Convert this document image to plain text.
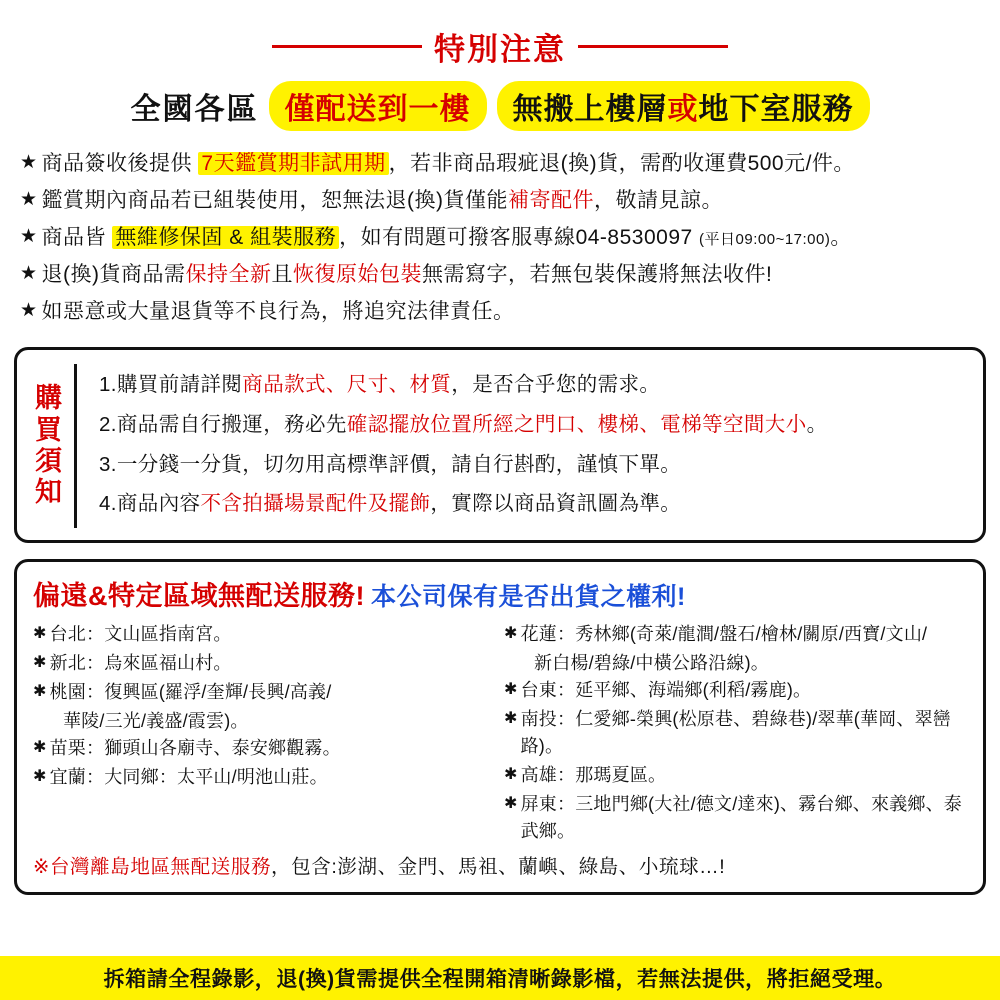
特別注意
全國各區 僅配送到一樓	無搬上樓層或地下室服務
★ 商品簽收後提供 7天鑑賞期非試用期 ，若非商品瑕疵退(換)貨，需酌收運費500元/件。
★ 鑑賞期內商品若已組裝使用，恕無法退(換)貨僅能補寄配件，敬請見諒。
★ 商品皆 無維修保固 & 組裝服務 ，如有問題可撥客服專線04-8530097 (平日09:00~17:00)。
★ 退(換)貨商品需保持全新且恢復原始包裝無需寫字，若無包裝保護將無法收件!
★ 如惡意或大量退貨等不良行為，將追究法律責任。
購
買
須
知
1.購買前請詳閱商品款式、尺寸、材質，是否合乎您的需求。
2.商品需自行搬運，務必先確認擺放位置所經之門口、樓梯、電梯等空間大小。
3.一分錢一分貨，切勿用高標準評價，請自行斟酌，謹慎下單。
4.商品內容不含拍攝場景配件及擺飾，實際以商品資訊圖為準。
偏遠&特定區域無配送服務! 本公司保有是否出貨之權利!
✱ 台北：文山區指南宮。
✱ 新北：烏來區福山村。
✱ 桃園：復興區(羅浮/奎輝/長興/高義/
華陵/三光/義盛/霞雲)。
✱ 苗栗：獅頭山各廟寺、泰安鄉觀霧。
✱ 宜蘭：大同鄉：太平山/明池山莊。
✱ 花蓮：秀林鄉(奇萊/龍澗/盤石/檜林/關原/西寶/文山/
新白楊/碧綠/中橫公路沿線)。
✱ 台東：延平鄉、海端鄉(利稻/霧鹿)。
✱ 南投：仁愛鄉-榮興(松原巷、碧綠巷)/翠華(華岡、翠巒路)。
✱ 高雄：那瑪夏區。
✱ 屏東：三地門鄉(大社/德文/達來)、霧台鄉、來義鄉、泰武鄉。
※台灣離島地區無配送服務，包含:澎湖、金門、馬祖、蘭嶼、綠島、小琉球…!
拆箱請全程錄影，退(換)貨需提供全程開箱清晰錄影檔，若無法提供，將拒絕受理。
